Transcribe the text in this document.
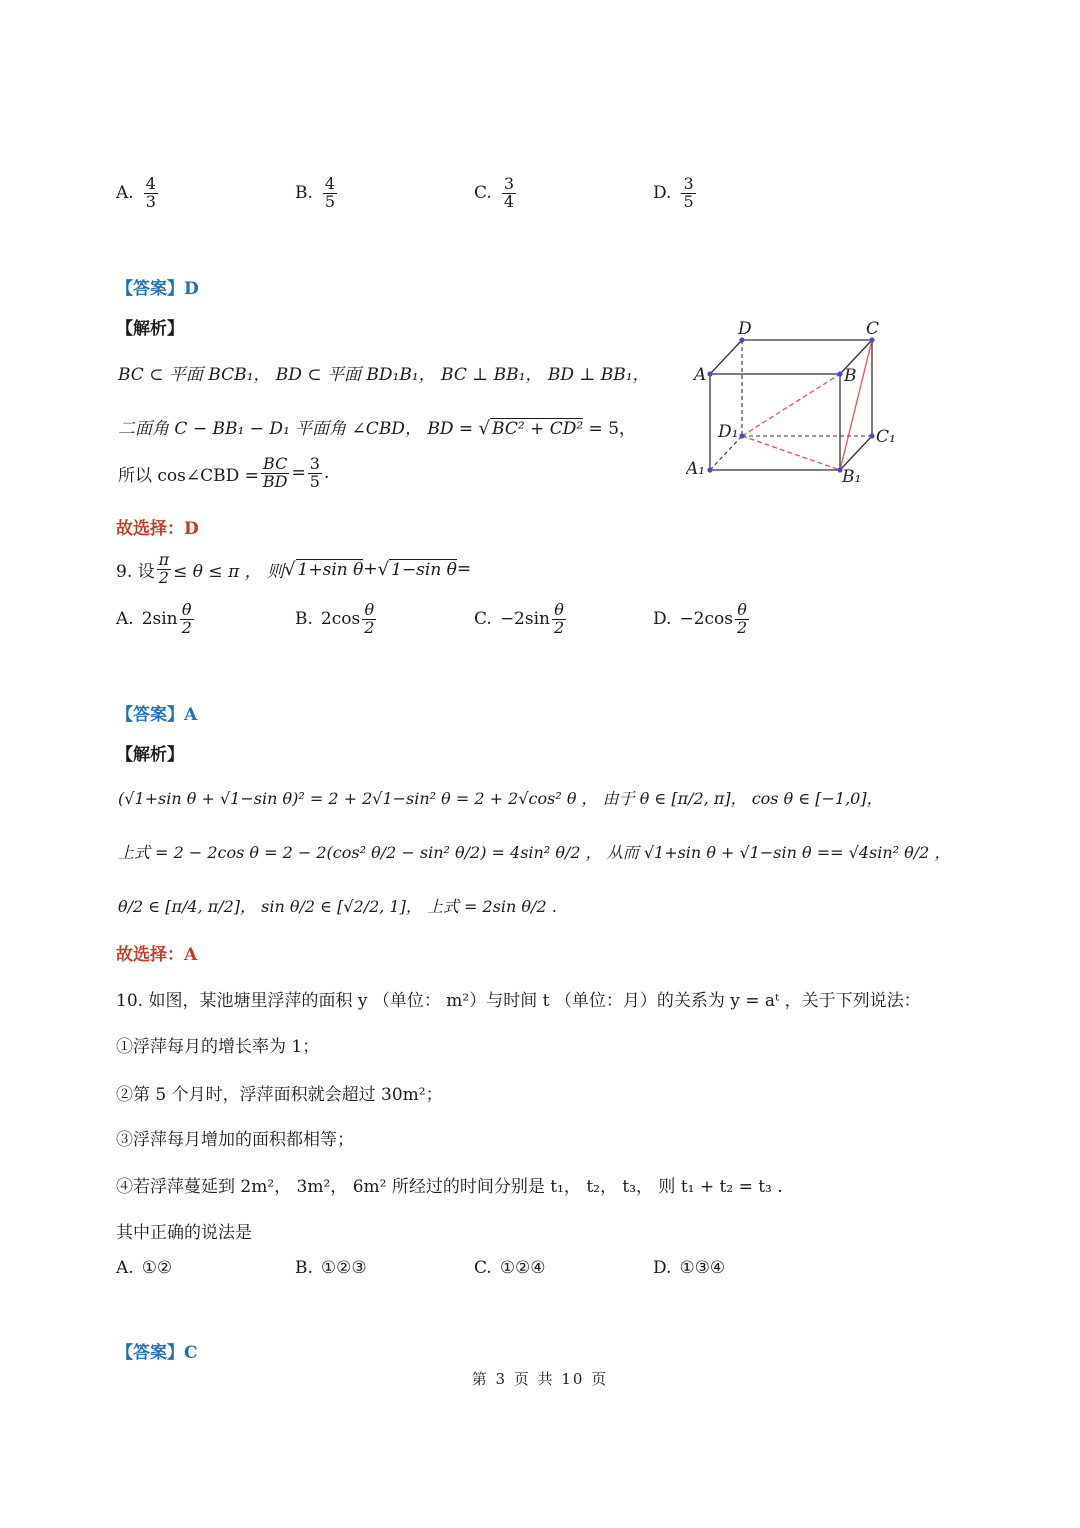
A. $\frac{4}{3}$	B. $\frac{4}{5}$	C. $\frac{3}{4}$	D. $\frac{3}{5}$
【答案】D
【解析】
BC ⊂ 平面 BCB₁， BD ⊂ 平面 BD₁B₁， BC ⊥ BB₁， BD ⊥ BB₁，
二面角 C − BB₁ − D₁ 平面角 ∠CBD， BD = √ BC² + CD² = 5，
所以 cos∠CBD = $\frac{BC}{BD} = \frac{3}{5}$ .
故选择：D
D	C
A	B
D₁	C₁
A₁	B₁
9. 设 $\frac{\pi}{2} \le \theta \le \pi$ ， 则 √ 1+sin θ + √ 1−sin θ =
A. $2\sin \frac{\theta}{2}$	B. $2\cos \frac{\theta}{2}$	C. $-2\sin \frac{\theta}{2}$	D. $-2\cos \frac{\theta}{2}$
【答案】A
【解析】
(√1+sin θ + √1−sin θ)² = 2 + 2√1−sin² θ = 2 + 2√cos² θ ， 由于 θ ∈ [π/2, π]， cos θ ∈ [−1,0]，
上式 = 2 − 2cos θ = 2 − 2(cos² θ/2 − sin² θ/2) = 4sin² θ/2 ， 从而 √1+sin θ + √1−sin θ == √4sin² θ/2 ，
θ/2 ∈ [π/4, π/2]， sin θ/2 ∈ [√2/2, 1]， 上式 = 2sin θ/2 .
故选择：A
10. 如图，某池塘里浮萍的面积 y （单位： m²）与时间 t （单位：月）的关系为 y = aᵗ ，关于下列说法：
①浮萍每月的增长率为 1；
②第 5 个月时，浮萍面积就会超过 30m²；
③浮萍每月增加的面积都相等；
④若浮萍蔓延到 2m²， 3m²， 6m² 所经过的时间分别是 t₁， t₂， t₃， 则 t₁ + t₂ = t₃ .
其中正确的说法是
A. ①②	B. ①②③	C. ①②④	D. ①③④
【答案】C
第 3 页 共 10 页
